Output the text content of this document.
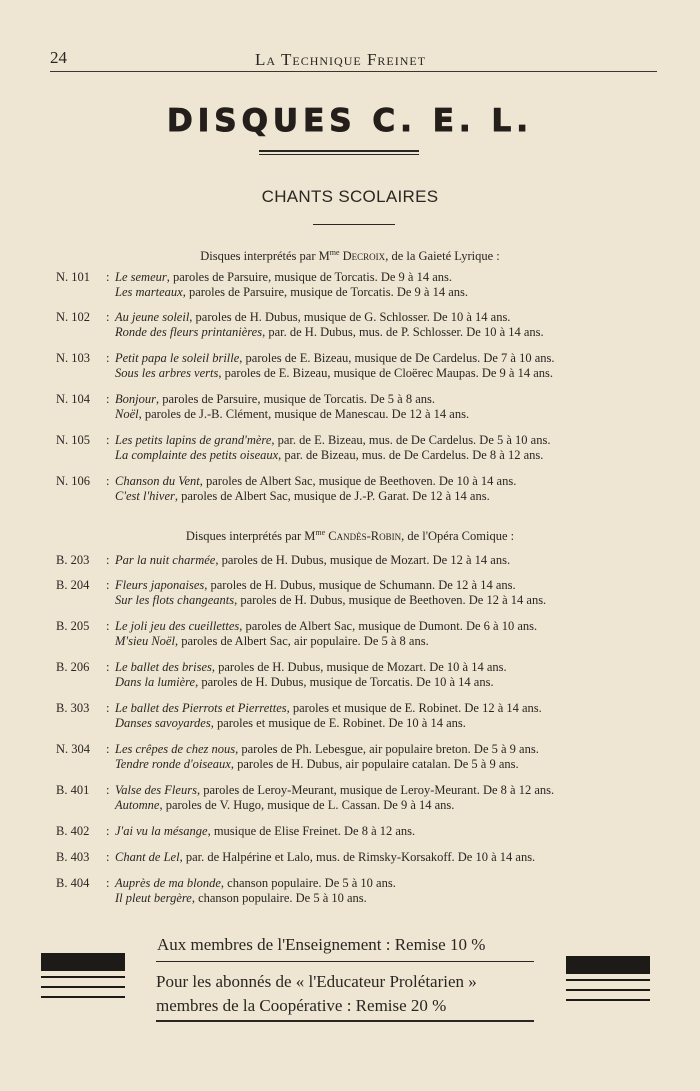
24	La Technique Freinet
DISQUES C. E. L.
CHANTS SCOLAIRES
Disques interprétés par $M^{me}$ Decroix, de la Gaieté Lyrique :
N. 101	: Le semeur, paroles de Parsuire, musique de Torcatis. De 9 à 14 ans.
Les marteaux, paroles de Parsuire, musique de Torcatis. De 9 à 14 ans.
N. 102	: Au jeune soleil, paroles de H. Dubus, musique de G. Schlosser. De 10 à 14 ans.
Ronde des fleurs printanières, par. de H. Dubus, mus. de P. Schlosser. De 10 à 14 ans.
N. 103	: Petit papa le soleil brille, paroles de E. Bizeau, musique de De Cardelus. De 7 à 10 ans.
Sous les arbres verts, paroles de E. Bizeau, musique de Cloërec Maupas. De 9 à 14 ans.
N. 104	: Bonjour, paroles de Parsuire, musique de Torcatis. De 5 à 8 ans.
Noël, paroles de J.-B. Clément, musique de Manescau. De 12 à 14 ans.
N. 105	: Les petits lapins de grand'mère, par. de E. Bizeau, mus. de De Cardelus. De 5 à 10 ans.
La complainte des petits oiseaux, par. de Bizeau, mus. de De Cardelus. De 8 à 12 ans.
N. 106	: Chanson du Vent, paroles de Albert Sac, musique de Beethoven. De 10 à 14 ans.
C'est l'hiver, paroles de Albert Sac, musique de J.-P. Garat. De 12 à 14 ans.
Disques interprétés par $M^{me}$ Candès-Robin, de l'Opéra Comique :
B. 203	: Par la nuit charmée, paroles de H. Dubus, musique de Mozart. De 12 à 14 ans.
B. 204	: Fleurs japonaises, paroles de H. Dubus, musique de Schumann. De 12 à 14 ans.
Sur les flots changeants, paroles de H. Dubus, musique de Beethoven. De 12 à 14 ans.
B. 205	: Le joli jeu des cueillettes, paroles de Albert Sac, musique de Dumont. De 6 à 10 ans.
M'sieu Noël, paroles de Albert Sac, air populaire. De 5 à 8 ans.
B. 206	: Le ballet des brises, paroles de H. Dubus, musique de Mozart. De 10 à 14 ans.
Dans la lumière, paroles de H. Dubus, musique de Torcatis. De 10 à 14 ans.
B. 303	: Le ballet des Pierrots et Pierrettes, paroles et musique de E. Robinet. De 12 à 14 ans.
Danses savoyardes, paroles et musique de E. Robinet. De 10 à 14 ans.
N. 304	: Les crêpes de chez nous, paroles de Ph. Lebesgue, air populaire breton. De 5 à 9 ans.
Tendre ronde d'oiseaux, paroles de H. Dubus, air populaire catalan. De 5 à 9 ans.
B. 401	: Valse des Fleurs, paroles de Leroy-Meurant, musique de Leroy-Meurant. De 8 à 12 ans.
Automne, paroles de V. Hugo, musique de L. Cassan. De 9 à 14 ans.
B. 402	: J'ai vu la mésange, musique de Elise Freinet. De 8 à 12 ans.
B. 403	: Chant de Lel, par. de Halpérine et Lalo, mus. de Rimsky-Korsakoff. De 10 à 14 ans.
B. 404	: Auprès de ma blonde, chanson populaire. De 5 à 10 ans.
Il pleut bergère, chanson populaire. De 5 à 10 ans.
Aux membres de l'Enseignement : Remise 10 %
Pour les abonnés de « l'Educateur Prolétarien »
membres de la Coopérative : Remise 20 %
